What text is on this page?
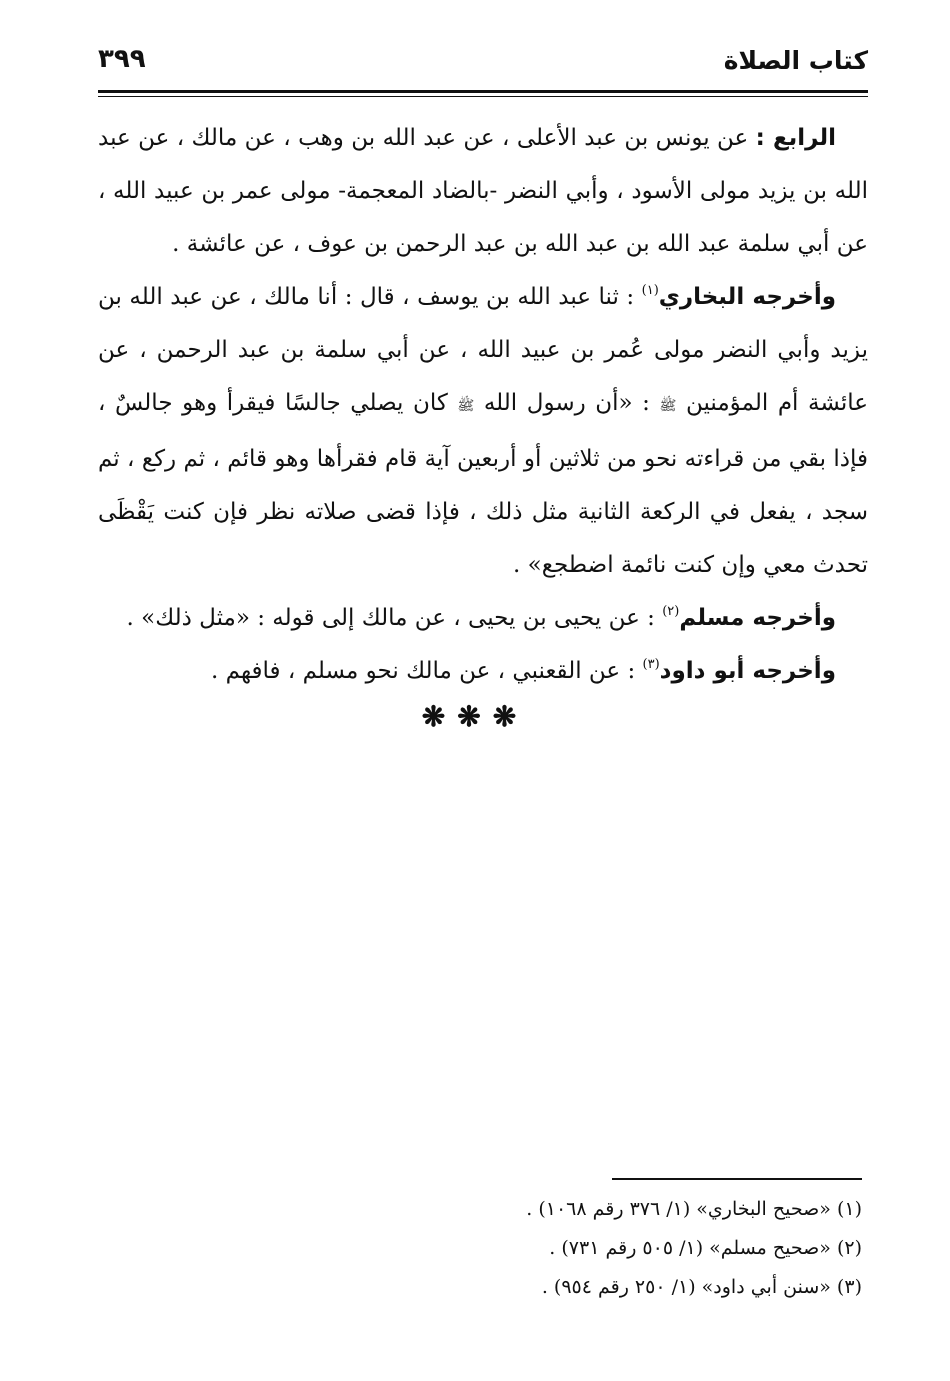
كتاب الصلاة
٣٩٩

الرابع : عن يونس بن عبد الأعلى ، عن عبد الله بن وهب ، عن مالك ، عن عبد الله بن يزيد مولى الأسود ، وأبي النضر -بالضاد المعجمة- مولى عمر بن عبيد الله ، عن أبي سلمة عبد الله بن عبد الله بن عبد الرحمن بن عوف ، عن عائشة .

وأخرجه البخاري$^{(١)}$ : ثنا عبد الله بن يوسف ، قال : أنا مالك ، عن عبد الله بن يزيد وأبي النضر مولى عُمر بن عبيد الله ، عن أبي سلمة بن عبد الرحمن ، عن عائشة أم المؤمنين ﷺ : «أن رسول الله ﷺ كان يصلي جالسًا فيقرأ وهو جالسٌ ، فإذا بقي من قراءته نحو من ثلاثين أو أربعين آية قام فقرأها وهو قائم ، ثم ركع ، ثم سجد ، يفعل في الركعة الثانية مثل ذلك ، فإذا قضى صلاته نظر فإن كنت يَقْظَى تحدث معي وإن كنت نائمة اضطجع» .

وأخرجه مسلم$^{(٢)}$ : عن يحيى بن يحيى ، عن مالك إلى قوله : «مثل ذلك» .

وأخرجه أبو داود$^{(٣)}$ : عن القعنبي ، عن مالك نحو مسلم ، فافهم .

❋❋❋
(١) «صحيح البخاري» (١/ ٣٧٦ رقم ١٠٦٨) .
(٢) «صحيح مسلم» (١/ ٥٠٥ رقم ٧٣١) .
(٣) «سنن أبي داود» (١/ ٢٥٠ رقم ٩٥٤) .
